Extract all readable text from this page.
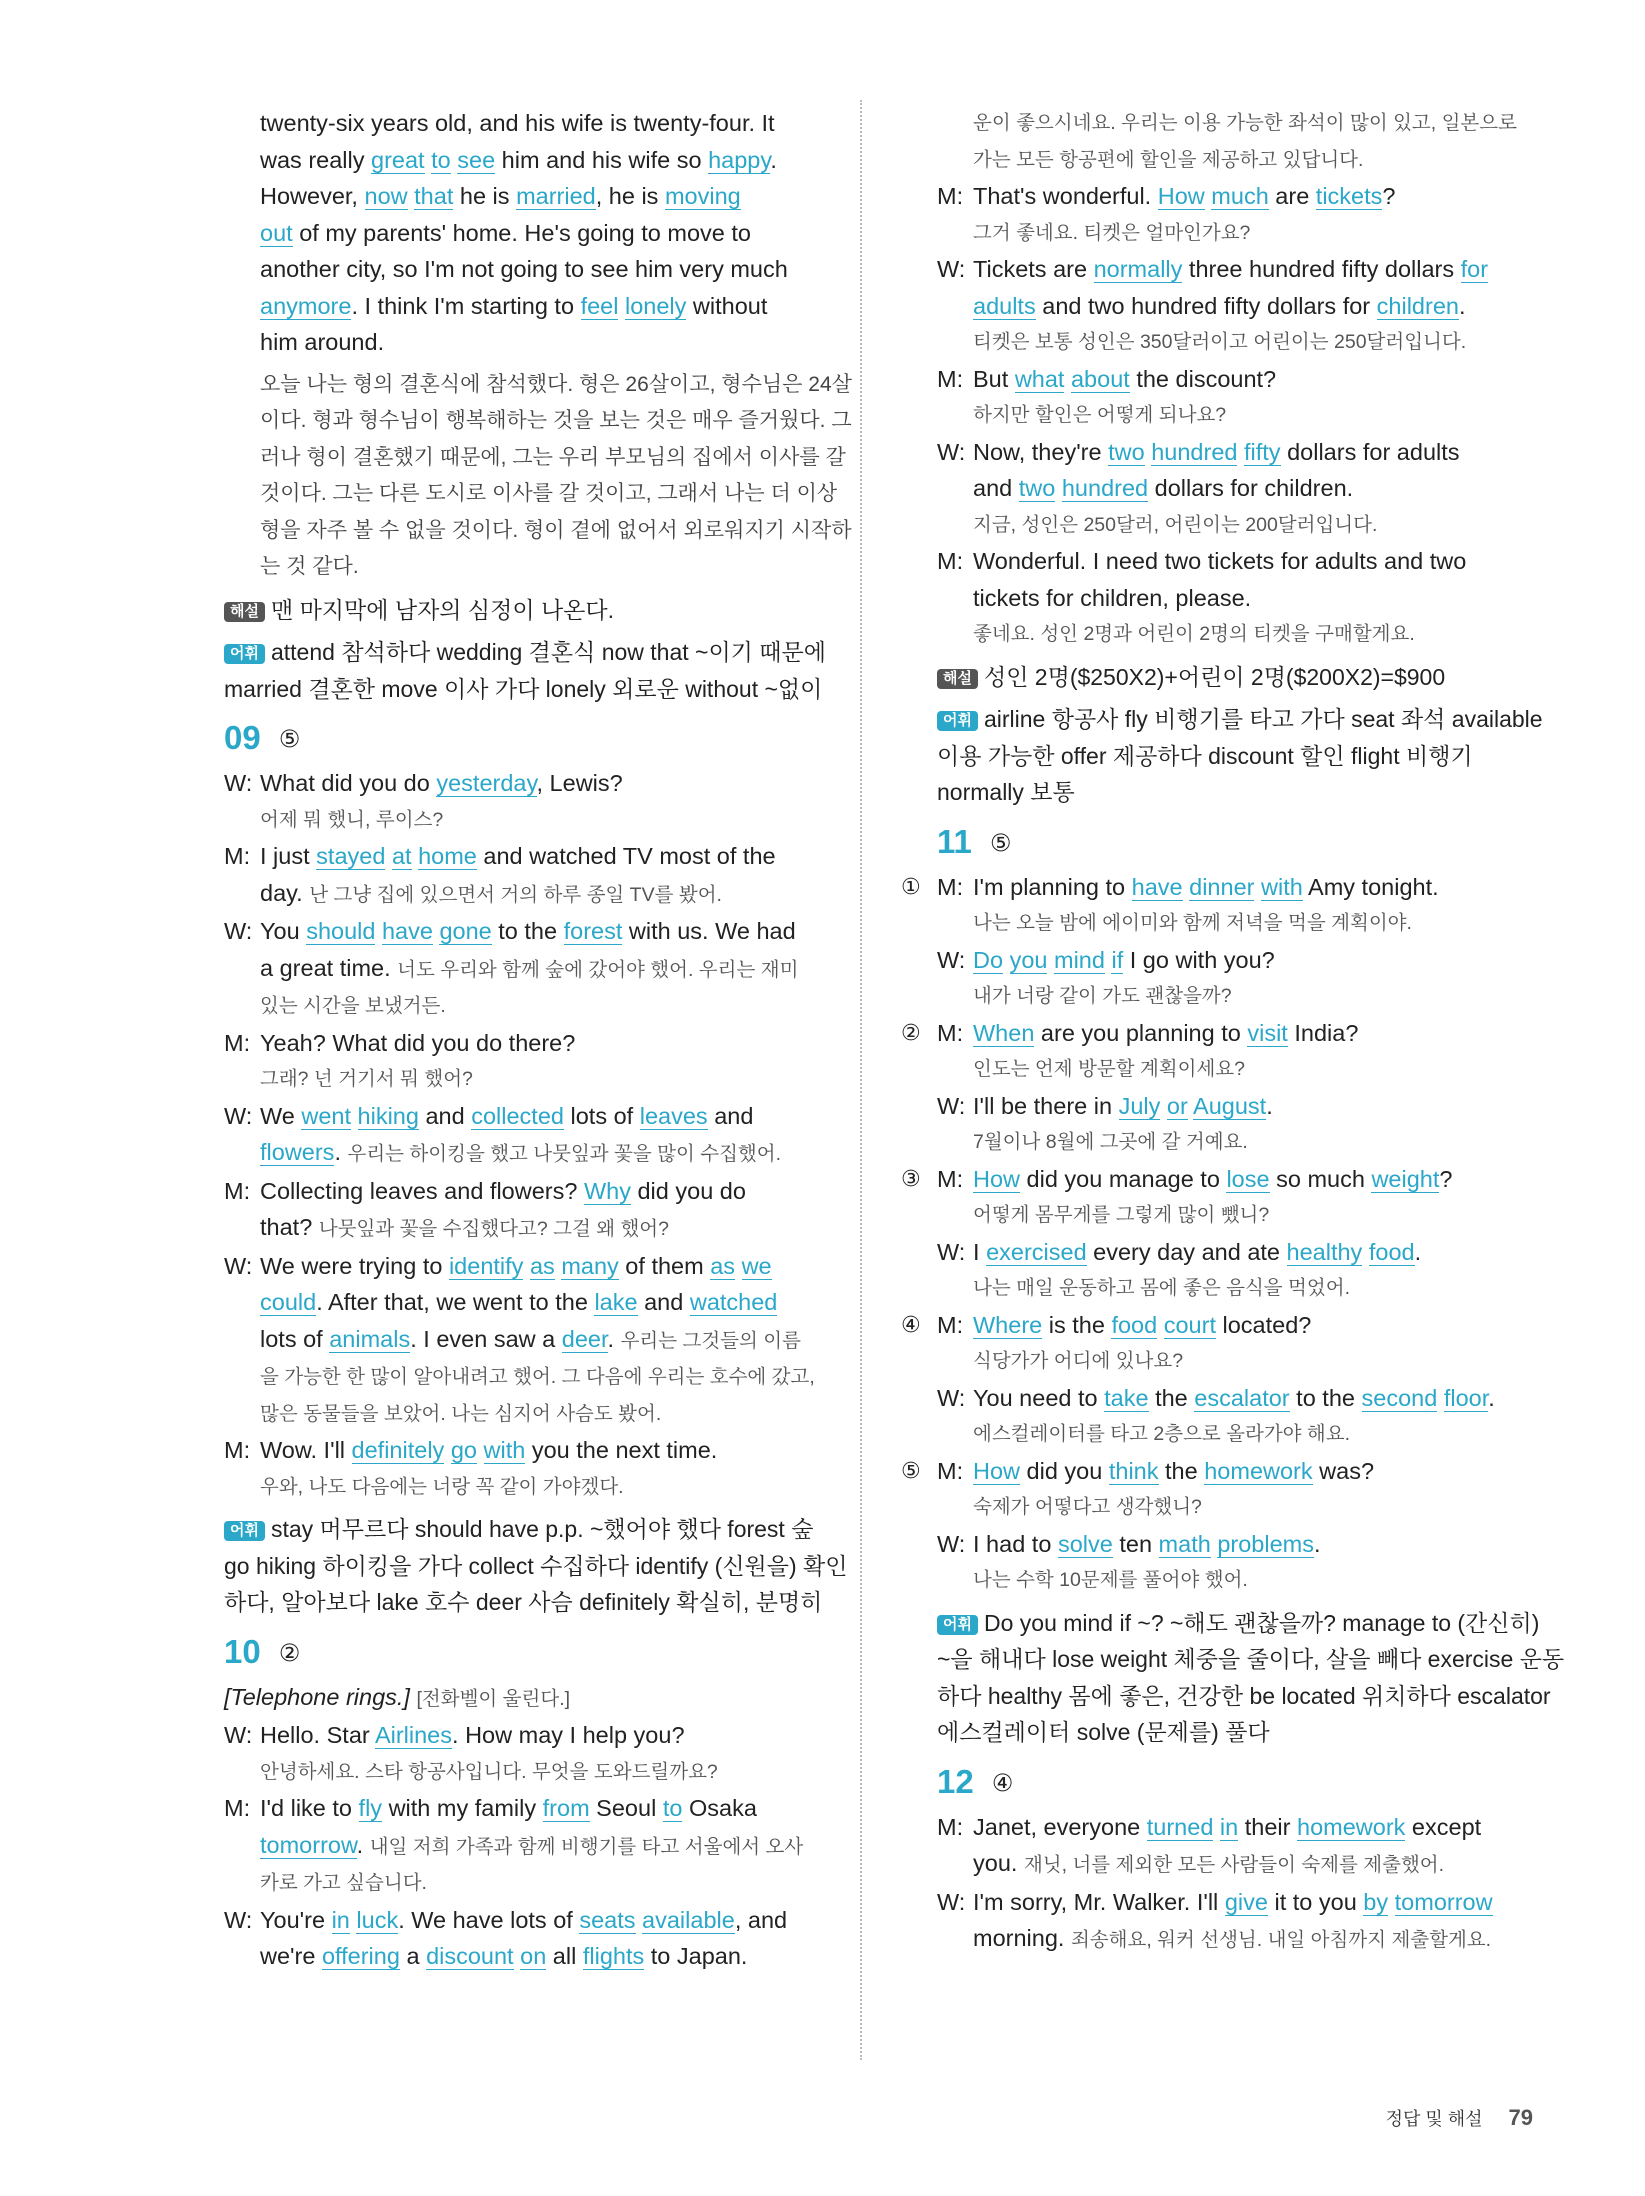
twenty-six years old, and his wife is twenty-four. It
was really great to see him and his wife so happy.
However, now that he is married, he is moving
out of my parents' home. He's going to move to
another city, so I'm not going to see him very much
anymore. I think I'm starting to feel lonely without
him around.
오늘 나는 형의 결혼식에 참석했다. 형은 26살이고, 형수님은 24살
이다. 형과 형수님이 행복해하는 것을 보는 것은 매우 즐거웠다. 그
러나 형이 결혼했기 때문에, 그는 우리 부모님의 집에서 이사를 갈
것이다. 그는 다른 도시로 이사를 갈 것이고, 그래서 나는 더 이상
형을 자주 볼 수 없을 것이다. 형이 곁에 없어서 외로워지기 시작하
는 것 같다.
해설 맨 마지막에 남자의 심정이 나온다.
어휘 attend 참석하다 wedding 결혼식 now that ~이기 때문에
married 결혼한 move 이사 가다 lonely 외로운 without ~없이
09 ⑤
W: What did you do yesterday, Lewis?
어제 뭐 했니, 루이스?
M: I just stayed at home and watched TV most of the
day. 난 그냥 집에 있으면서 거의 하루 종일 TV를 봤어.
W: You should have gone to the forest with us. We had
a great time. 너도 우리와 함께 숲에 갔어야 했어. 우리는 재미
있는 시간을 보냈거든.
M: Yeah? What did you do there?
그래? 넌 거기서 뭐 했어?
W: We went hiking and collected lots of leaves and
flowers. 우리는 하이킹을 했고 나뭇잎과 꽃을 많이 수집했어.
M: Collecting leaves and flowers? Why did you do
that? 나뭇잎과 꽃을 수집했다고? 그걸 왜 했어?
W: We were trying to identify as many of them as we
could. After that, we went to the lake and watched
lots of animals. I even saw a deer. 우리는 그것들의 이름
을 가능한 한 많이 알아내려고 했어. 그 다음에 우리는 호수에 갔고,
많은 동물들을 보았어. 나는 심지어 사슴도 봤어.
M: Wow. I'll definitely go with you the next time.
우와, 나도 다음에는 너랑 꼭 같이 가야겠다.
어휘 stay 머무르다 should have p.p. ~했어야 했다 forest 숲
go hiking 하이킹을 가다 collect 수집하다 identify (신원을) 확인
하다, 알아보다 lake 호수 deer 사슴 definitely 확실히, 분명히
10 ②
[Telephone rings.] [전화벨이 울린다.]
W: Hello. Star Airlines. How may I help you?
안녕하세요. 스타 항공사입니다. 무엇을 도와드릴까요?
M: I'd like to fly with my family from Seoul to Osaka
tomorrow. 내일 저희 가족과 함께 비행기를 타고 서울에서 오사
카로 가고 싶습니다.
W: You're in luck. We have lots of seats available, and
we're offering a discount on all flights to Japan.
운이 좋으시네요. 우리는 이용 가능한 좌석이 많이 있고, 일본으로
가는 모든 항공편에 할인을 제공하고 있답니다.
M: That's wonderful. How much are tickets?
그거 좋네요. 티켓은 얼마인가요?
W: Tickets are normally three hundred fifty dollars for
adults and two hundred fifty dollars for children.
티켓은 보통 성인은 350달러이고 어린이는 250달러입니다.
M: But what about the discount?
하지만 할인은 어떻게 되나요?
W: Now, they're two hundred fifty dollars for adults
and two hundred dollars for children.
지금, 성인은 250달러, 어린이는 200달러입니다.
M: Wonderful. I need two tickets for adults and two
tickets for children, please.
좋네요. 성인 2명과 어린이 2명의 티켓을 구매할게요.
해설 성인 2명($250X2)+어린이 2명($200X2)=$900
어휘 airline 항공사 fly 비행기를 타고 가다 seat 좌석 available
이용 가능한 offer 제공하다 discount 할인 flight 비행기
normally 보통
11 ⑤
① M: I'm planning to have dinner with Amy tonight.
나는 오늘 밤에 에이미와 함께 저녁을 먹을 계획이야.
W: Do you mind if I go with you?
내가 너랑 같이 가도 괜찮을까?
② M: When are you planning to visit India?
인도는 언제 방문할 계획이세요?
W: I'll be there in July or August.
7월이나 8월에 그곳에 갈 거예요.
③ M: How did you manage to lose so much weight?
어떻게 몸무게를 그렇게 많이 뺐니?
W: I exercised every day and ate healthy food.
나는 매일 운동하고 몸에 좋은 음식을 먹었어.
④ M: Where is the food court located?
식당가가 어디에 있나요?
W: You need to take the escalator to the second floor.
에스컬레이터를 타고 2층으로 올라가야 해요.
⑤ M: How did you think the homework was?
숙제가 어떻다고 생각했니?
W: I had to solve ten math problems.
나는 수학 10문제를 풀어야 했어.
어휘 Do you mind if ~? ~해도 괜찮을까? manage to (간신히)
~을 해내다 lose weight 체중을 줄이다, 살을 빼다 exercise 운동
하다 healthy 몸에 좋은, 건강한 be located 위치하다 escalator
에스컬레이터 solve (문제를) 풀다
12 ④
M: Janet, everyone turned in their homework except
you. 재닛, 너를 제외한 모든 사람들이 숙제를 제출했어.
W: I'm sorry, Mr. Walker. I'll give it to you by tomorrow
morning. 죄송해요, 워커 선생님. 내일 아침까지 제출할게요.
정답 및 해설 79
